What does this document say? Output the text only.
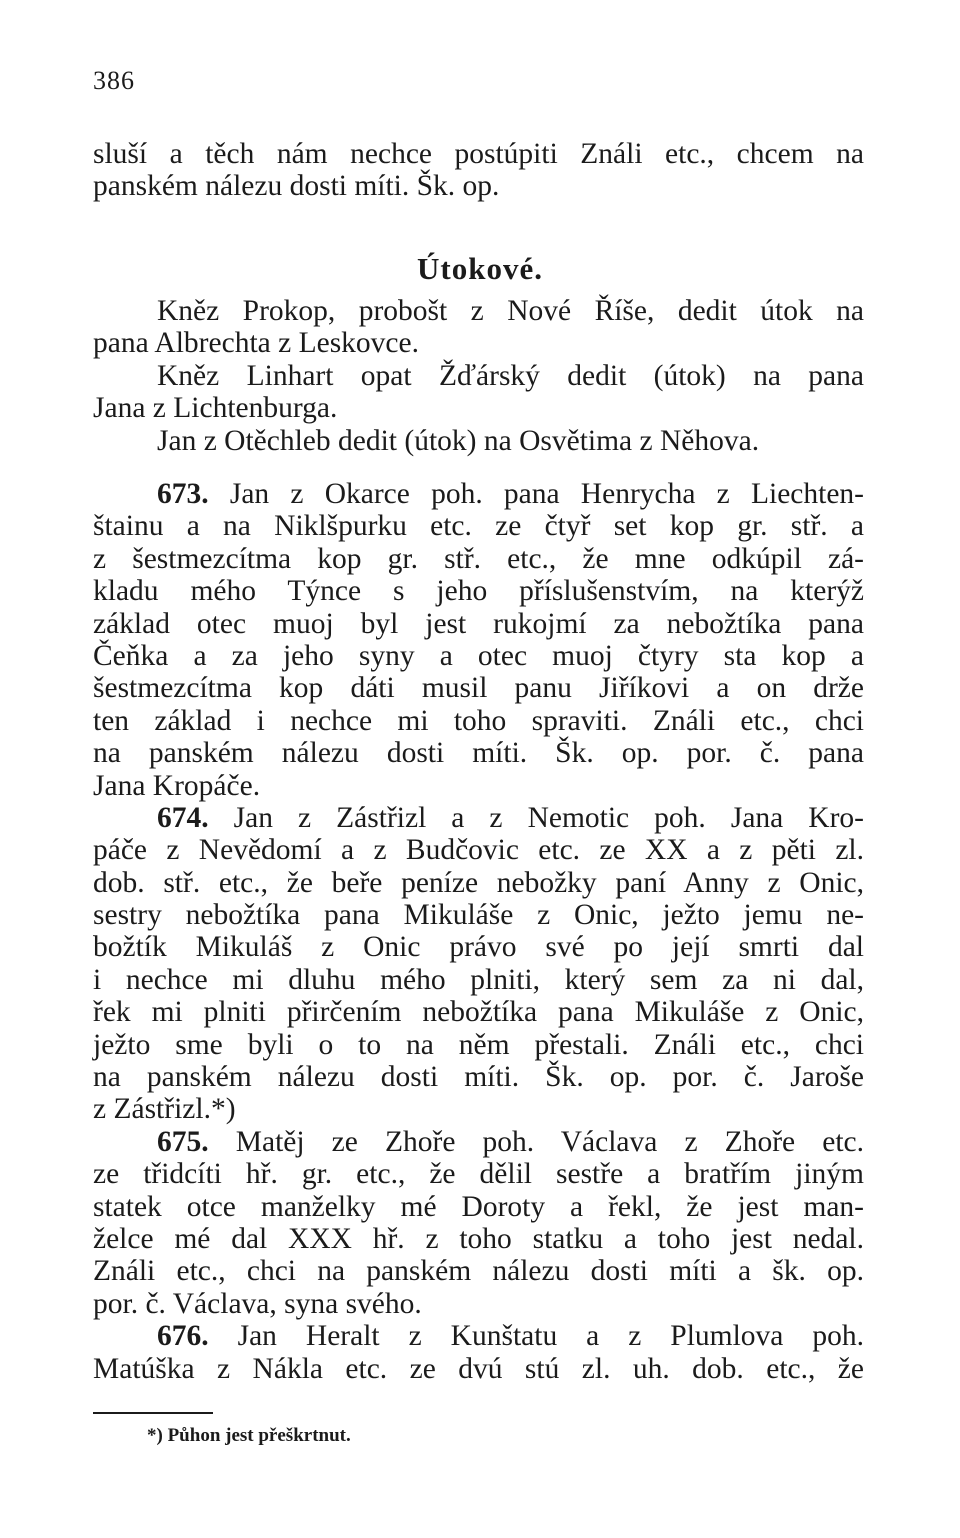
386
sluší a těch nám nechce postúpiti Ználi etc., chcem na
panském nálezu dosti míti. Šk. op.
Útokové.
Kněz Prokop, probošt z Nové Říše, dedit útok na
pana Albrechta z Leskovce.
Kněz Linhart opat Žďárský dedit (útok) na pana
Jana z Lichtenburga.
Jan z Otěchleb dedit (útok) na Osvětima z Něhova.
673. Jan z Okarce poh. pana Henrycha z Liechten-
štainu a na Niklšpurku etc. ze čtyř set kop gr. stř. a
z šestmezcítma kop gr. stř. etc., že mne odkúpil zá-
kladu mého Týnce s jeho příslušenstvím, na kterýž
základ otec muoj byl jest rukojmí za nebožtíka pana
Čeňka a za jeho syny a otec muoj čtyry sta kop a
šestmezcítma kop dáti musil panu Jiříkovi a on drže
ten základ i nechce mi toho spraviti. Ználi etc., chci
na panském nálezu dosti míti. Šk. op. por. č. pana
Jana Kropáče.
674. Jan z Zástřizl a z Nemotic poh. Jana Kro-
páče z Nevědomí a z Budčovic etc. ze XX a z pěti zl.
dob. stř. etc., že beře peníze nebožky paní Anny z Onic,
sestry nebožtíka pana Mikuláše z Onic, ježto jemu ne-
božtík Mikuláš z Onic právo své po její smrti dal
i nechce mi dluhu mého plniti, který sem za ni dal,
řek mi plniti přirčením nebožtíka pana Mikuláše z Onic,
ježto sme byli o to na něm přestali. Ználi etc., chci
na panském nálezu dosti míti. Šk. op. por. č. Jaroše
z Zástřizl.*)
675. Matěj ze Zhoře poh. Václava z Zhoře etc.
ze třidcíti hř. gr. etc., že dělil sestře a bratřím jiným
statek otce manželky mé Doroty a řekl, že jest man-
želce mé dal XXX hř. z toho statku a toho jest nedal.
Ználi etc., chci na panském nálezu dosti míti a šk. op.
por. č. Václava, syna svého.
676. Jan Heralt z Kunštatu a z Plumlova poh.
Matúška z Nákla etc. ze dvú stú zl. uh. dob. etc., že
*) Půhon jest přeškrtnut.
